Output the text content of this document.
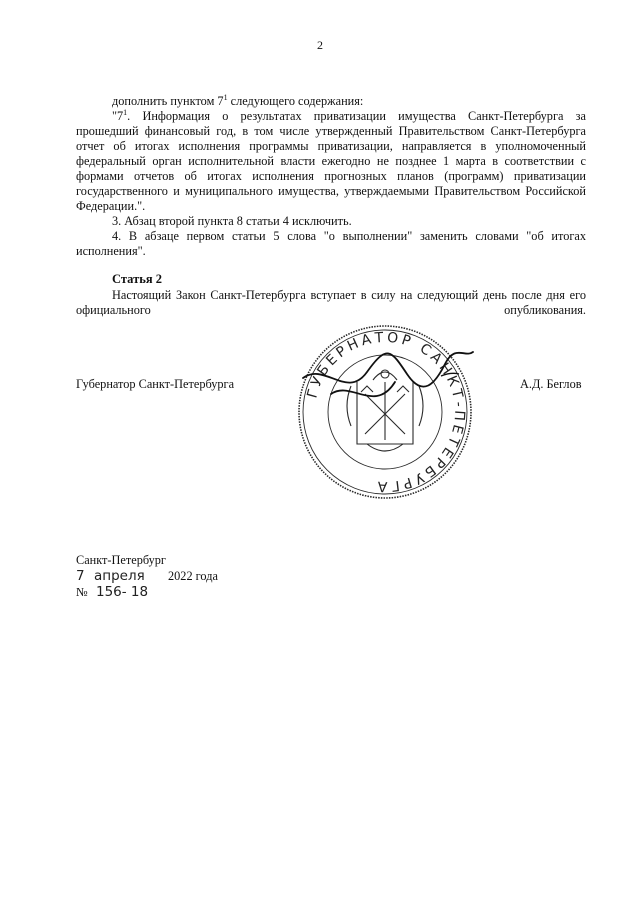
2

дополнить пунктом $7^1$ следующего содержания:

"$7^1$. Информация о результатах приватизации имущества Санкт-Петербурга за прошедший финансовый год, в том числе утвержденный Правительством Санкт-Петербурга отчет об итогах исполнения программы приватизации, направляется в уполномоченный федеральный орган исполнительной власти ежегодно не позднее 1 марта в соответствии с формами отчетов об итогах исполнения прогнозных планов (программ) приватизации государственного и муниципального имущества, утверждаемыми Правительством Российской Федерации.".

3. Абзац второй пункта 8 статьи 4 исключить.

4. В абзаце первом статьи 5 слова "о выполнении" заменить словами "об итогах исполнения".

Статья 2

Настоящий Закон Санкт-Петербурга вступает в силу на следующий день после дня его официального опубликования.

Губернатор Санкт-Петербурга	А.Д. Беглов
ГУБЕРНАТОР САНКТ-ПЕТЕРБУРГА
Санкт-Петербург
7 апреля 2022 года
№ 156- 18
